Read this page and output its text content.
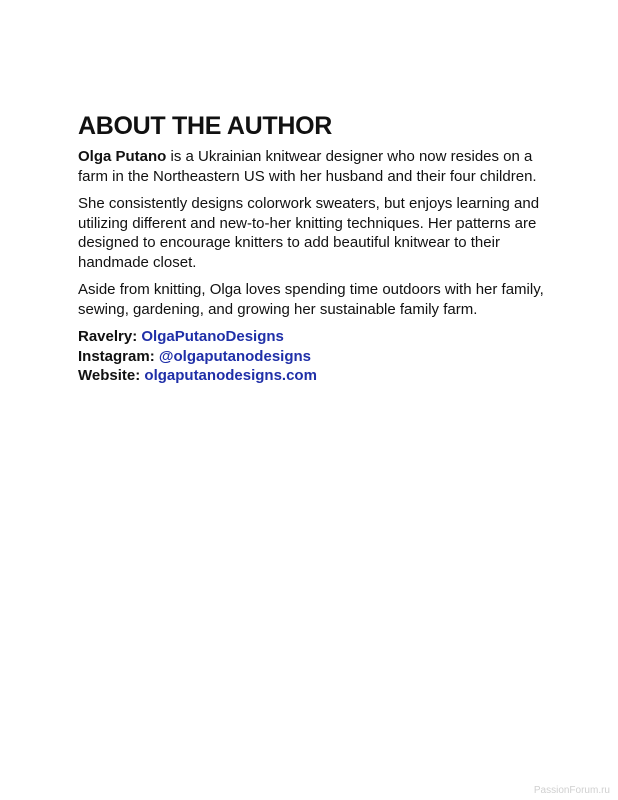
ABOUT THE AUTHOR

Olga Putano is a Ukrainian knitwear designer who now resides on a farm in the Northeastern US with her husband and their four children.

She consistently designs colorwork sweaters, but enjoys learning and utilizing different and new-to-her knitting techniques. Her patterns are designed to encourage knitters to add beautiful knitwear to their handmade closet.

Aside from knitting, Olga loves spending time outdoors with her family, sewing, gardening, and growing her sustainable family farm.

Ravelry: OlgaPutanoDesigns
Instagram: @olgaputanodesigns
Website: olgaputanodesigns.com
PassionForum.ru
